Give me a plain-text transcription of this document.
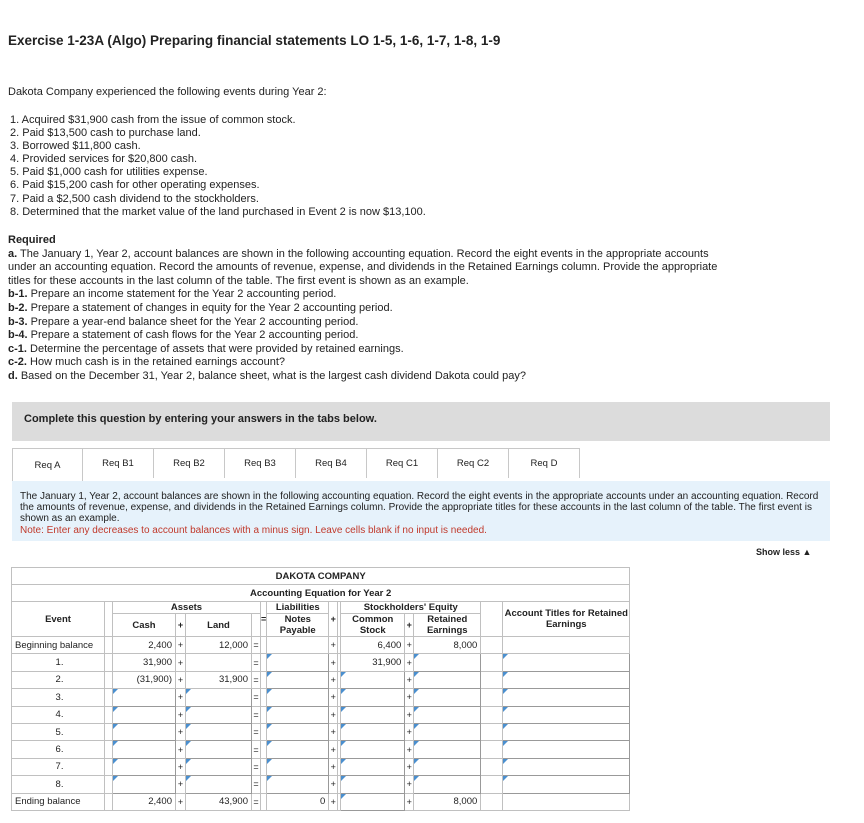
Exercise 1-23A (Algo) Preparing financial statements LO 1-5, 1-6, 1-7, 1-8, 1-9
Dakota Company experienced the following events during Year 2:
1. Acquired $31,900 cash from the issue of common stock.
2. Paid $13,500 cash to purchase land.
3. Borrowed $11,800 cash.
4. Provided services for $20,800 cash.
5. Paid $1,000 cash for utilities expense.
6. Paid $15,200 cash for other operating expenses.
7. Paid a $2,500 cash dividend to the stockholders.
8. Determined that the market value of the land purchased in Event 2 is now $13,100.
Required
a. The January 1, Year 2, account balances are shown in the following accounting equation. Record the eight events in the appropriate accounts under an accounting equation. Record the amounts of revenue, expense, and dividends in the Retained Earnings column. Provide the appropriate titles for these accounts in the last column of the table. The first event is shown as an example.
b-1. Prepare an income statement for the Year 2 accounting period.
b-2. Prepare a statement of changes in equity for the Year 2 accounting period.
b-3. Prepare a year-end balance sheet for the Year 2 accounting period.
b-4. Prepare a statement of cash flows for the Year 2 accounting period.
c-1. Determine the percentage of assets that were provided by retained earnings.
c-2. How much cash is in the retained earnings account?
d. Based on the December 31, Year 2, balance sheet, what is the largest cash dividend Dakota could pay?
Complete this question by entering your answers in the tabs below.
Req A	Req B1	Req B2	Req B3	Req B4	Req C1	Req C2	Req D
The January 1, Year 2, account balances are shown in the following accounting equation. Record the eight events in the appropriate accounts under an accounting equation. Record the amounts of revenue, expense, and dividends in the Retained Earnings column. Provide the appropriate titles for these accounts in the last column of the table. The first event is shown as an example.
Note: Enter any decreases to account balances with a minus sign. Leave cells blank if no input is needed.
Show less ▲
DAKOTA COMPANY														
Accounting Equation for Year 2														
Event		Assets				=	Liabilities	+		Stockholders' Equity				Account Titles for Retained Earnings
		Cash	+	Land			Notes Payable			Common Stock	+	Retained Earnings		

Beginning balance		2,400	+	12,000	=			+		6,400	+	8,000		
1.		31,900	+		=			+		31,900	+			
2.		(31,900)	+	31,900	=			+			+			
3.			+		=			+			+			
4.			+		=			+			+			
5.			+		=			+			+			
6.			+		=			+			+			
7.			+		=			+			+			
8.			+		=			+			+			
Ending balance		2,400	+	43,900	=		0	+			+	8,000		
